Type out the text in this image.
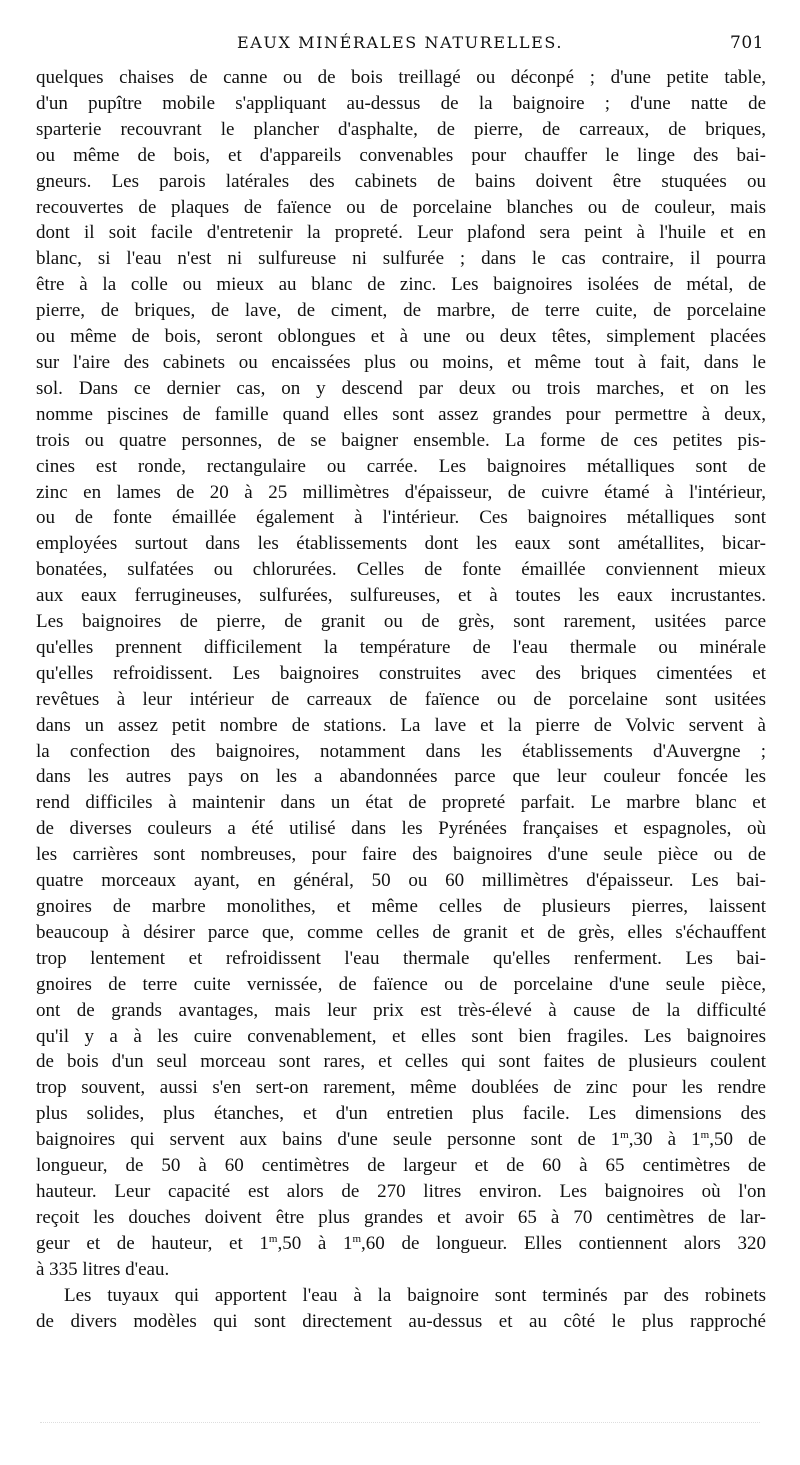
EAUX MINÉRALES NATURELLES.	701
quelques chaises de canne ou de bois treillagé ou déconpé ; d'une petite table,
d'un pupître mobile s'appliquant au-dessus de la baignoire ; d'une natte de
sparterie recouvrant le plancher d'asphalte, de pierre, de carreaux, de briques,
ou même de bois, et d'appareils convenables pour chauffer le linge des bai-
gneurs. Les parois latérales des cabinets de bains doivent être stuquées ou
recouvertes de plaques de faïence ou de porcelaine blanches ou de couleur, mais
dont il soit facile d'entretenir la propreté. Leur plafond sera peint à l'huile et en
blanc, si l'eau n'est ni sulfureuse ni sulfurée ; dans le cas contraire, il pourra
être à la colle ou mieux au blanc de zinc. Les baignoires isolées de métal, de
pierre, de briques, de lave, de ciment, de marbre, de terre cuite, de porcelaine
ou même de bois, seront oblongues et à une ou deux têtes, simplement placées
sur l'aire des cabinets ou encaissées plus ou moins, et même tout à fait, dans le
sol. Dans ce dernier cas, on y descend par deux ou trois marches, et on les
nomme piscines de famille quand elles sont assez grandes pour permettre à deux,
trois ou quatre personnes, de se baigner ensemble. La forme de ces petites pis-
cines est ronde, rectangulaire ou carrée. Les baignoires métalliques sont de
zinc en lames de 20 à 25 millimètres d'épaisseur, de cuivre étamé à l'intérieur,
ou de fonte émaillée également à l'intérieur. Ces baignoires métalliques sont
employées surtout dans les établissements dont les eaux sont amétallites, bicar-
bonatées, sulfatées ou chlorurées. Celles de fonte émaillée conviennent mieux
aux eaux ferrugineuses, sulfurées, sulfureuses, et à toutes les eaux incrustantes.
Les baignoires de pierre, de granit ou de grès, sont rarement, usitées parce
qu'elles prennent difficilement la température de l'eau thermale ou minérale
qu'elles refroidissent. Les baignoires construites avec des briques cimentées et
revêtues à leur intérieur de carreaux de faïence ou de porcelaine sont usitées
dans un assez petit nombre de stations. La lave et la pierre de Volvic servent à
la confection des baignoires, notamment dans les établissements d'Auvergne ;
dans les autres pays on les a abandonnées parce que leur couleur foncée les
rend difficiles à maintenir dans un état de propreté parfait. Le marbre blanc et
de diverses couleurs a été utilisé dans les Pyrénées françaises et espagnoles, où
les carrières sont nombreuses, pour faire des baignoires d'une seule pièce ou de
quatre morceaux ayant, en général, 50 ou 60 millimètres d'épaisseur. Les bai-
gnoires de marbre monolithes, et même celles de plusieurs pierres, laissent
beaucoup à désirer parce que, comme celles de granit et de grès, elles s'échauffent
trop lentement et refroidissent l'eau thermale qu'elles renferment. Les bai-
gnoires de terre cuite vernissée, de faïence ou de porcelaine d'une seule pièce,
ont de grands avantages, mais leur prix est très-élevé à cause de la difficulté
qu'il y a à les cuire convenablement, et elles sont bien fragiles. Les baignoires
de bois d'un seul morceau sont rares, et celles qui sont faites de plusieurs coulent
trop souvent, aussi s'en sert-on rarement, même doublées de zinc pour les rendre
plus solides, plus étanches, et d'un entretien plus facile. Les dimensions des
baignoires qui servent aux bains d'une seule personne sont de 1$^m$,30 à 1$^m$,50 de
longueur, de 50 à 60 centimètres de largeur et de 60 à 65 centimètres de
hauteur. Leur capacité est alors de 270 litres environ. Les baignoires où l'on
reçoit les douches doivent être plus grandes et avoir 65 à 70 centimètres de lar-
geur et de hauteur, et 1$^m$,50 à 1$^m$,60 de longueur. Elles contiennent alors 320
à 335 litres d'eau.
Les tuyaux qui apportent l'eau à la baignoire sont terminés par des robinets
de divers modèles qui sont directement au-dessus et au côté le plus rapproché
